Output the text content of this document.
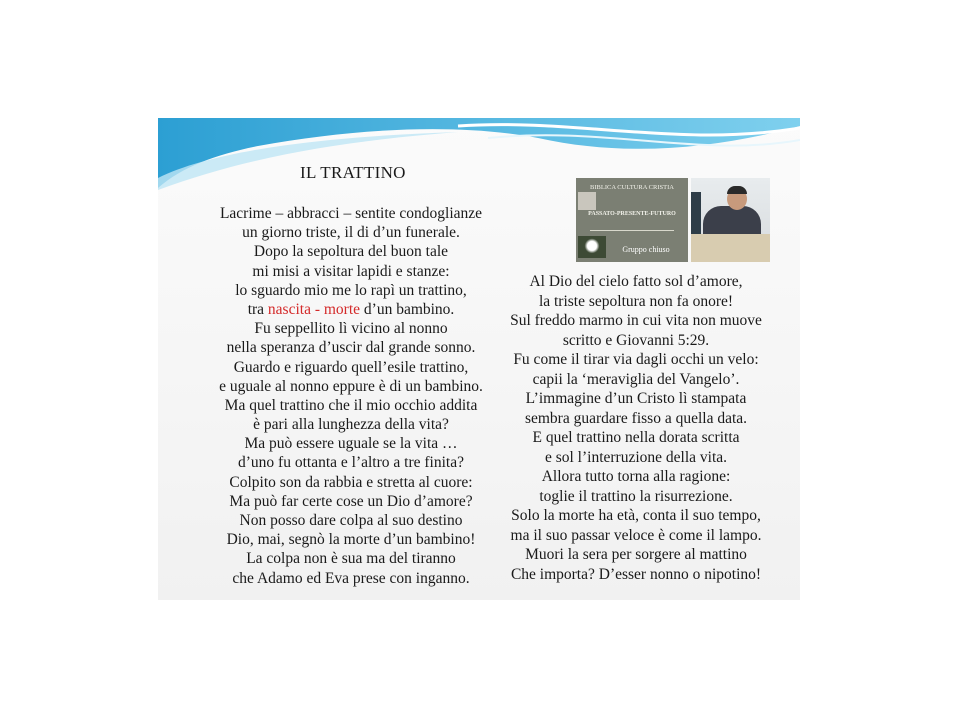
IL TRATTINO
Lacrime – abbracci – sentite condoglianze
un giorno triste, il di d’un funerale.
Dopo la sepoltura del buon tale
mi misi a visitar lapidi e stanze:
lo sguardo mio me lo rapì un trattino,
tra nascita - morte d’un bambino.
Fu seppellito lì vicino al nonno
nella speranza d’uscir dal grande sonno.
Guardo e riguardo quell’esile trattino,
e uguale al nonno eppure è di un bambino.
Ma quel trattino che il mio occhio addita
è pari alla lunghezza della vita?
Ma può essere uguale se la vita …
d’uno fu ottanta e l’altro a tre finita?
Colpito son da rabbia e stretta al cuore:
Ma può far certe cose un Dio d’amore?
Non posso dare colpa al suo destino
Dio, mai, segnò la morte d’un bambino!
La colpa non è sua ma del tiranno
che Adamo ed Eva prese con inganno.
BIBLICA CULTURA CRISTIA
PASSATO-PRESENTE-FUTURO
Gruppo chiuso
Al Dio del cielo fatto sol d’amore,
la triste sepoltura non fa onore!
Sul freddo marmo in cui vita non muove
scritto e Giovanni 5:29.
Fu come il tirar via dagli occhi un velo:
capii la ‘meraviglia del Vangelo’.
L’immagine d’un Cristo lì stampata
sembra guardare fisso a quella data.
E quel trattino nella dorata scritta
e sol l’interruzione della vita.
Allora tutto torna alla ragione:
toglie il trattino la risurrezione.
Solo la morte ha età, conta il suo tempo,
ma il suo passar veloce è come il lampo.
Muori la sera per sorgere al mattino
Che importa? D’esser nonno o nipotino!
